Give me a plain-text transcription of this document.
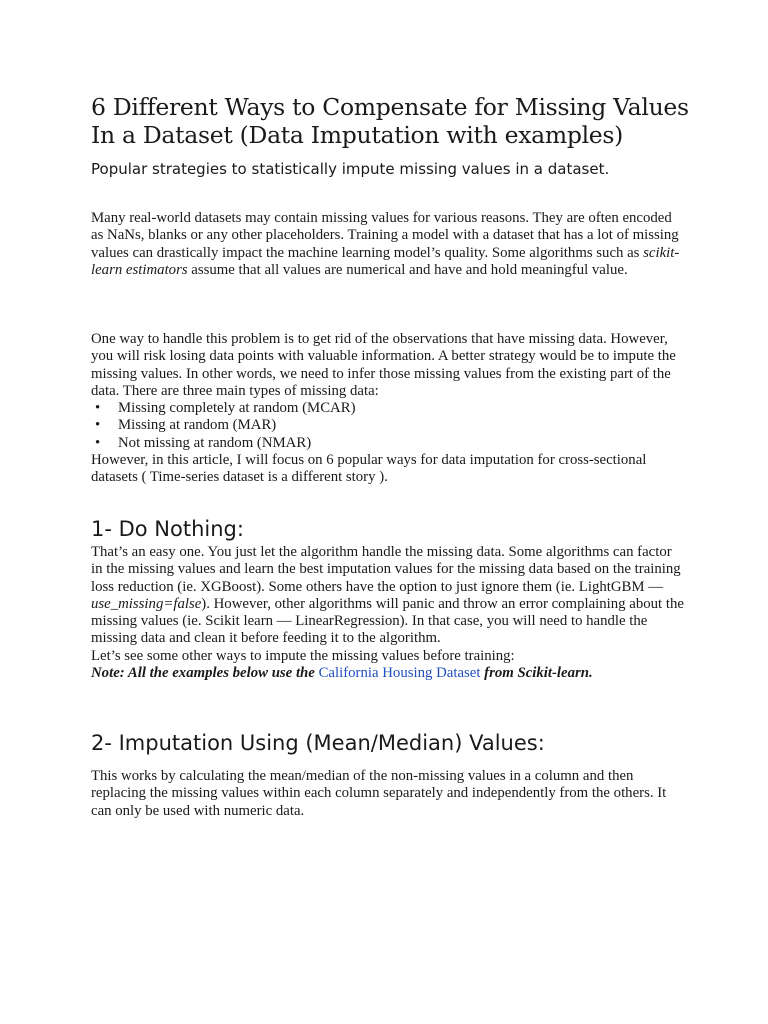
6 Different Ways to Compensate for Missing Values In a Dataset (Data Imputation with examples)

Popular strategies to statistically impute missing values in a dataset.

Many real-world datasets may contain missing values for various reasons. They are often encoded as NaNs, blanks or any other placeholders. Training a model with a dataset that has a lot of missing values can drastically impact the machine learning model’s quality. Some algorithms such as scikit-learn estimators assume that all values are numerical and have and hold meaningful value.

One way to handle this problem is to get rid of the observations that have missing data. However, you will risk losing data points with valuable information. A better strategy would be to impute the missing values. In other words, we need to infer those missing values from the existing part of the data. There are three main types of missing data:

• Missing completely at random (MCAR)
• Missing at random (MAR)
• Not missing at random (NMAR)

However, in this article, I will focus on 6 popular ways for data imputation for cross-sectional datasets ( Time-series dataset is a different story ).

1- Do Nothing:

That’s an easy one. You just let the algorithm handle the missing data. Some algorithms can factor in the missing values and learn the best imputation values for the missing data based on the training loss reduction (ie. XGBoost). Some others have the option to just ignore them (ie. LightGBM — use_missing=false). However, other algorithms will panic and throw an error complaining about the missing values (ie. Scikit learn — LinearRegression). In that case, you will need to handle the missing data and clean it before feeding it to the algorithm.

Let’s see some other ways to impute the missing values before training:

Note: All the examples below use the California Housing Dataset from Scikit-learn.

2- Imputation Using (Mean/Median) Values:

This works by calculating the mean/median of the non-missing values in a column and then replacing the missing values within each column separately and independently from the others. It can only be used with numeric data.
